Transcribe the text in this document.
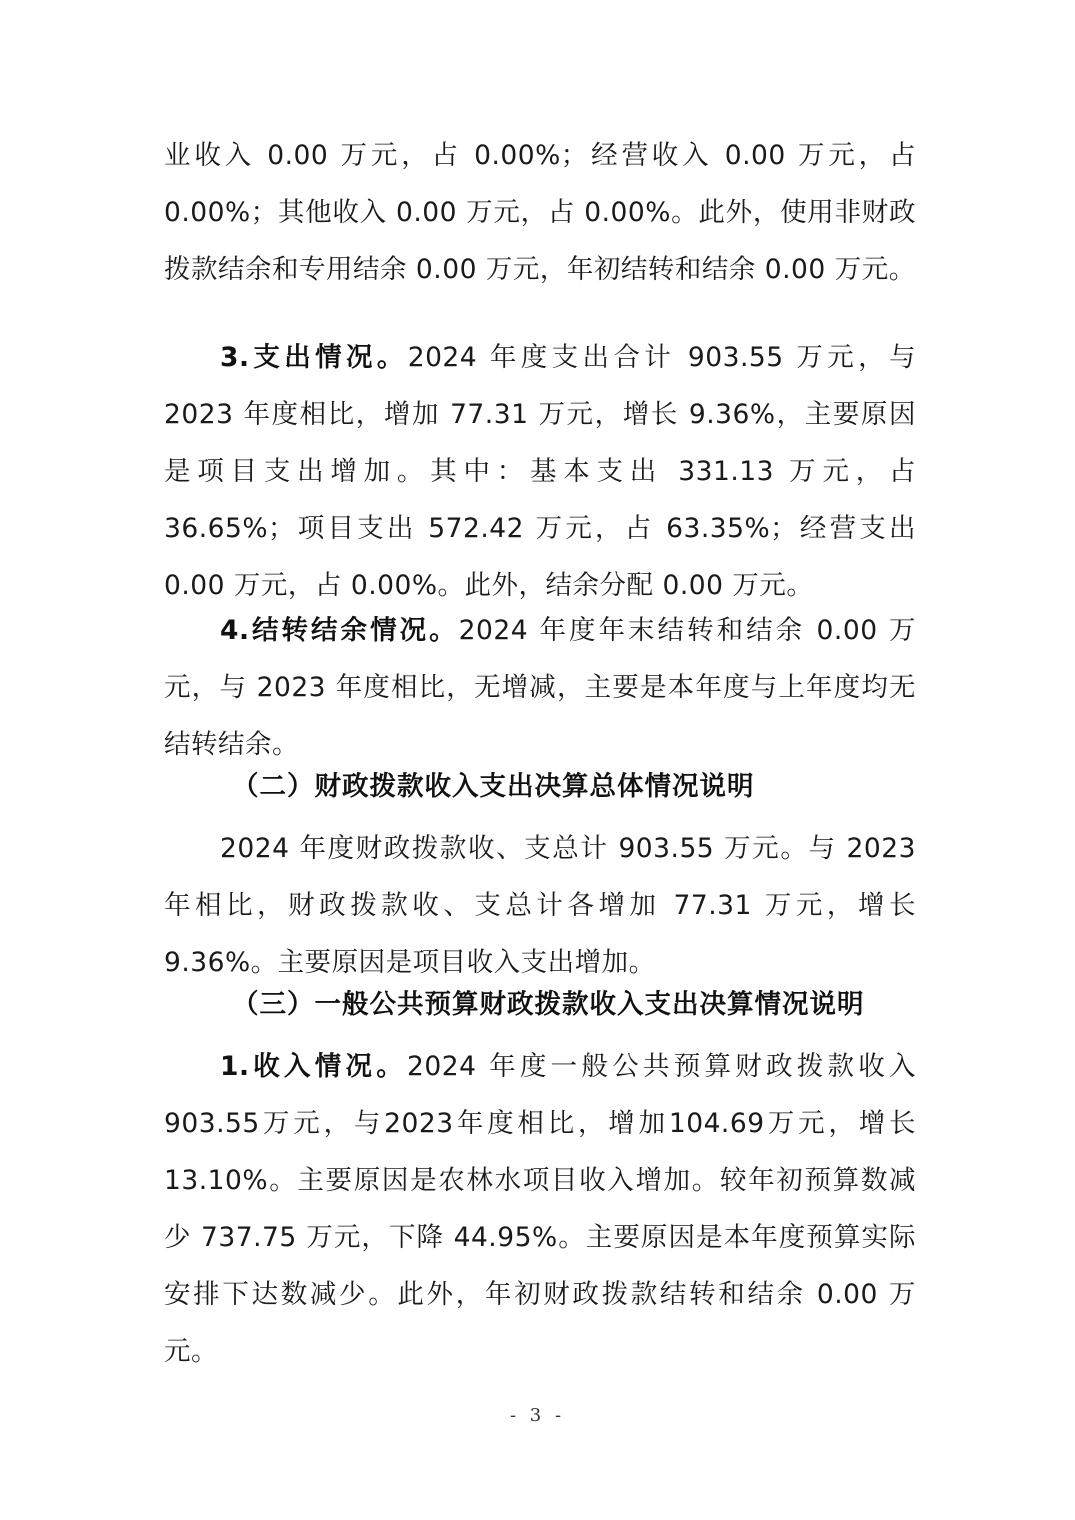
业收入 0.00 万元，占 0.00%；经营收入 0.00 万元，占 0.00%；其他收入 0.00 万元，占 0.00%。此外，使用非财政拨款结余和专用结余 0.00 万元，年初结转和结余 0.00 万元。

3.支出情况。2024 年度支出合计 903.55 万元，与 2023 年度相比，增加 77.31 万元，增长 9.36%，主要原因是项目支出增加。其中：基本支出 331.13 万元，占 36.65%；项目支出 572.42 万元，占 63.35%；经营支出 0.00 万元，占 0.00%。此外，结余分配 0.00 万元。

4.结转结余情况。2024 年度年末结转和结余 0.00 万元，与 2023 年度相比，无增减，主要是本年度与上年度均无结转结余。

（二）财政拨款收入支出决算总体情况说明

2024 年度财政拨款收、支总计 903.55 万元。与 2023 年相比，财政拨款收、支总计各增加 77.31 万元，增长 9.36%。主要原因是项目收入支出增加。

（三）一般公共预算财政拨款收入支出决算情况说明

1.收入情况。2024 年度一般公共预算财政拨款收入 903.55万元，与2023年度相比，增加104.69万元，增长13.10%。主要原因是农林水项目收入增加。较年初预算数减少 737.75 万元，下降 44.95%。主要原因是本年度预算实际安排下达数减少。此外，年初财政拨款结转和结余 0.00 万元。

- 3 -
